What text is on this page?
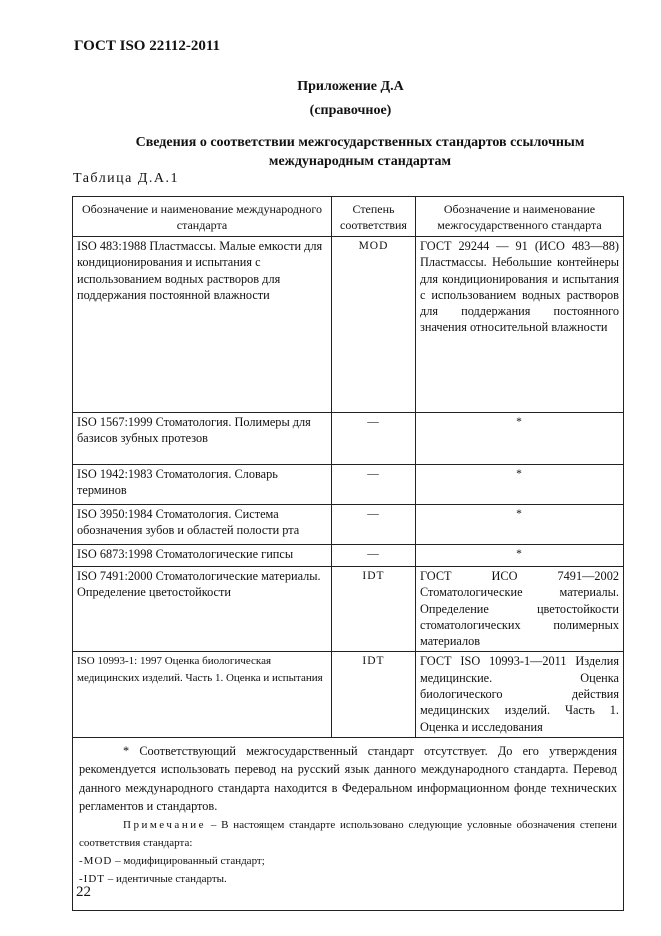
ГОСТ ISO 22112-2011
Приложение Д.А
(справочное)
Сведения о соответствии межгосударственных стандартов ссылочным международным стандартам
Таблица Д.А.1
Обозначение и наименование международного стандарта	Степень соответствия	Обозначение и наименование межгосударственного стандарта
ISO 483:1988 Пластмассы. Малые емкости для кондиционирования и испытания с использованием водных растворов для поддержания постоянной влажности	MOD	ГОСТ 29244 — 91 (ИСО 483—88) Пластмассы. Небольшие контейнеры для кондиционирования и испытания с использованием водных растворов для поддержания постоянного значения относительной влажности
ISO 1567:1999 Стоматология. Полимеры для базисов зубных протезов	—	*
ISO 1942:1983 Стоматология. Словарь терминов	—	*
ISO 3950:1984 Стоматология. Система обозначения зубов и областей полости рта	—	*
ISO 6873:1998 Стоматологические гипсы	—	*
ISO 7491:2000 Стоматологические материалы. Определение цветостойкости	IDT	ГОСТ ИСО 7491—2002 Стоматологические материалы. Определение цветостойкости стоматологических полимерных материалов
ISO 10993-1: 1997 Оценка биологическая медицинских изделий. Часть 1. Оценка и испытания	IDT	ГОСТ ISO 10993-1—2011 Изделия медицинские. Оценка биологического действия медицинских изделий. Часть 1. Оценка и исследования

* Соответствующий межгосударственный стандарт отсутствует. До его утверждения рекомендуется использовать перевод на русский язык данного международного стандарта. Перевод данного международного стандарта находится в Федеральном информационном фонде технических регламентов и стандартов.

Примечание – В настоящем стандарте использовано следующие условные обозначения степени соответствия стандарта:

-MOD – модифицированный стандарт;

-IDT – идентичные стандарты.		

22
